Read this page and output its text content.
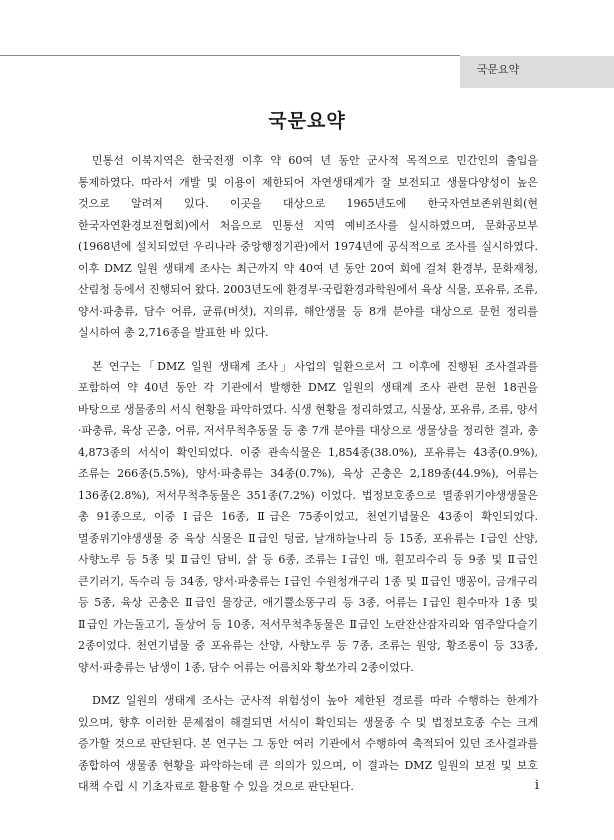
국문요약
국문요약

민통선 이북지역은 한국전쟁 이후 약 60여 년 동안 군사적 목적으로 민간인의 출입을 통제하였다. 따라서 개발 및 이용이 제한되어 자연생태계가 잘 보전되고 생물다양성이 높은 것으로 알려져 있다. 이곳을 대상으로 1965년도에 한국자연보존위원회(현 한국자연환경보전협회)에서 처음으로 민통선 지역 예비조사를 실시하였으며, 문화공보부(1968년에 설치되었던 우리나라 중앙행정기관)에서 1974년에 공식적으로 조사를 실시하였다. 이후 DMZ 일원 생태계 조사는 최근까지 약 40여 년 동안 20여 회에 걸쳐 환경부, 문화재청, 산림청 등에서 진행되어 왔다. 2003년도에 환경부·국립환경과학원에서 육상 식물, 포유류, 조류, 양서·파충류, 담수 어류, 균류(버섯), 지의류, 해안생물 등 8개 분야를 대상으로 문헌 정리를 실시하여 총 2,716종을 발표한 바 있다.

본 연구는「DMZ 일원 생태계 조사」사업의 일환으로서 그 이후에 진행된 조사결과를 포함하여 약 40년 동안 각 기관에서 발행한 DMZ 일원의 생태계 조사 관련 문헌 18권을 바탕으로 생물종의 서식 현황을 파악하였다. 식생 현황을 정리하였고, 식물상, 포유류, 조류, 양서·파충류, 육상 곤충, 어류, 저서무척추동물 등 총 7개 분야를 대상으로 생물상을 정리한 결과, 총 4,873종의 서식이 확인되었다. 이중 관속식물은 1,854종(38.0%), 포유류는 43종(0.9%), 조류는 266종(5.5%), 양서·파충류는 34종(0.7%), 육상 곤충은 2,189종(44.9%), 어류는 136종(2.8%), 저서무척추동물은 351종(7.2%) 이었다. 법정보호종으로 멸종위기야생생물은 총 91종으로, 이중 Ⅰ급은 16종, Ⅱ급은 75종이었고, 천연기념물은 43종이 확인되었다. 멸종위기야생생물 중 육상 식물은 Ⅱ급인 덩굴, 날개하늘나리 등 15종, 포유류는 Ⅰ급인 산양, 사향노루 등 5종 및 Ⅱ급인 담비, 삵 등 6종, 조류는 Ⅰ급인 매, 흰꼬리수리 등 9종 및 Ⅱ급인 큰기러기, 독수리 등 34종, 양서·파충류는 Ⅰ급인 수원청개구리 1종 및 Ⅱ급인 맹꽁이, 금개구리 등 5종, 육상 곤충은 Ⅱ급인 물장군, 애기뿔소똥구리 등 3종, 어류는 Ⅰ급인 흰수마자 1종 및 Ⅱ급인 가는돌고기, 돌상어 등 10종, 저서무척추동물은 Ⅱ급인 노란잔산잠자리와 염주알다슬기 2종이었다. 천연기념물 중 포유류는 산양, 사향노루 등 7종, 조류는 원앙, 황조롱이 등 33종, 양서·파충류는 남생이 1종, 담수 어류는 어름치와 황쏘가리 2종이었다.

DMZ 일원의 생태계 조사는 군사적 위험성이 높아 제한된 경로를 따라 수행하는 한계가 있으며, 향후 이러한 문제점이 해결되면 서식이 확인되는 생물종 수 및 법정보호종 수는 크게 증가할 것으로 판단된다. 본 연구는 그 동안 여러 기관에서 수행하여 축적되어 있던 조사결과를 종합하여 생물종 현황을 파악하는데 큰 의의가 있으며, 이 결과는 DMZ 일원의 보전 및 보호 대책 수립 시 기초자료로 활용할 수 있을 것으로 판단된다.	i
